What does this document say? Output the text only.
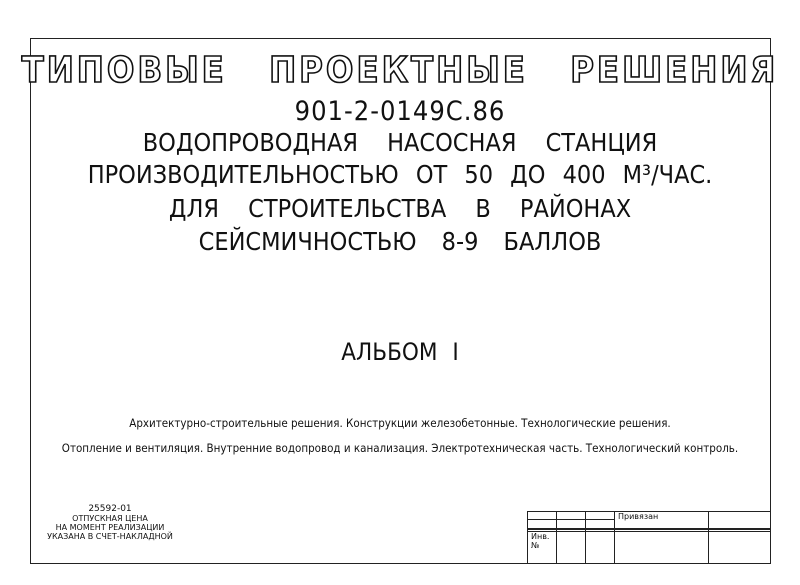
ТИПОВЫЕ ПРОЕКТНЫЕ РЕШЕНИЯ
901-2-0149С.86
ВОДОПРОВОДНАЯ НАСОСНАЯ СТАНЦИЯ
ПРОИЗВОДИТЕЛЬНОСТЬЮ ОТ 50 ДО 400 М³/ЧАС.
ДЛЯ СТРОИТЕЛЬСТВА В РАЙОНАХ
СЕЙСМИЧНОСТЬЮ 8-9 БАЛЛОВ
АЛЬБОМ I
Архитектурно-строительные решения. Конструкции железобетонные. Технологические решения.
Отопление и вентиляция. Внутренние водопровод и канализация. Электротехническая часть. Технологический контроль.
25592-01
ОТПУСКНАЯ ЦЕНА
НА МОМЕНТ РЕАЛИЗАЦИИ
УКАЗАНА В СЧЕТ-НАКЛАДНОЙ
			Привязан	

Инв.№				
